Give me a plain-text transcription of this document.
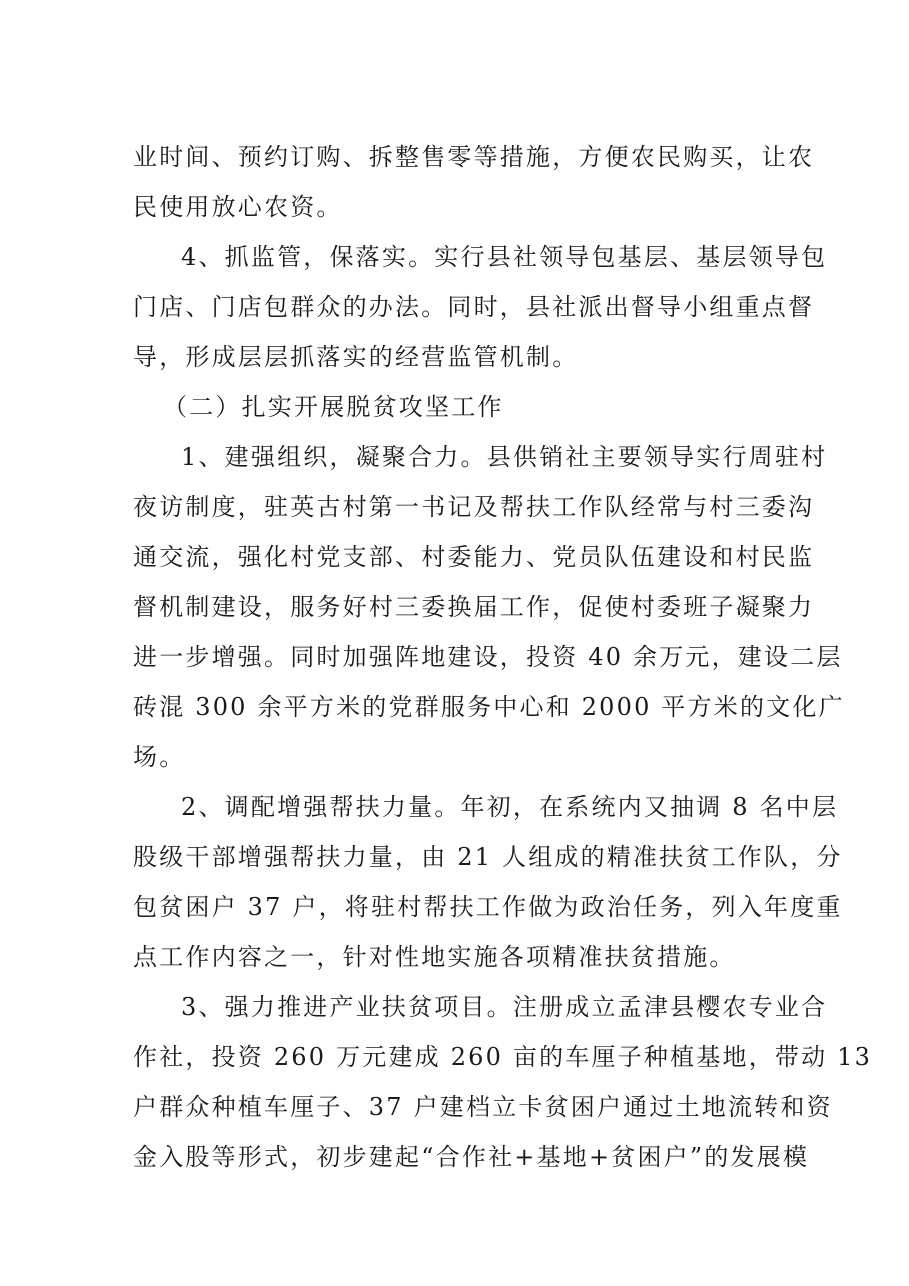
业时间、预约订购、拆整售零等措施，方便农民购买，让农
民使用放心农资。
4、抓监管，保落实。实行县社领导包基层、基层领导包
门店、门店包群众的办法。同时，县社派出督导小组重点督
导，形成层层抓落实的经营监管机制。
（二）扎实开展脱贫攻坚工作
1、建强组织，凝聚合力。县供销社主要领导实行周驻村
夜访制度，驻英古村第一书记及帮扶工作队经常与村三委沟
通交流，强化村党支部、村委能力、党员队伍建设和村民监
督机制建设，服务好村三委换届工作，促使村委班子凝聚力
进一步增强。同时加强阵地建设，投资 40 余万元，建设二层
砖混 300 余平方米的党群服务中心和 2000 平方米的文化广
场。
2、调配增强帮扶力量。年初，在系统内又抽调 8 名中层
股级干部增强帮扶力量，由 21 人组成的精准扶贫工作队，分
包贫困户 37 户，将驻村帮扶工作做为政治任务，列入年度重
点工作内容之一，针对性地实施各项精准扶贫措施。
3、强力推进产业扶贫项目。注册成立孟津县樱农专业合
作社，投资 260 万元建成 260 亩的车厘子种植基地，带动 13
户群众种植车厘子、37 户建档立卡贫困户通过土地流转和资
金入股等形式，初步建起“合作社+基地+贫困户”的发展模
